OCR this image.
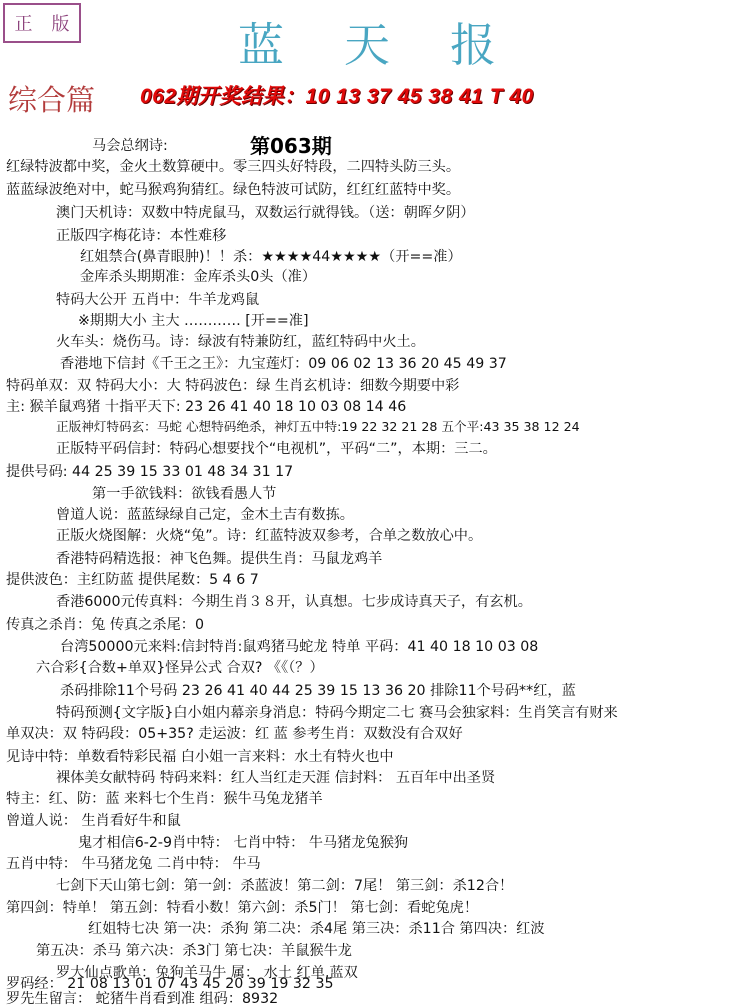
正 版	蓝 天 报
综合篇 062期开奖结果：10 13 37 45 38 41 T 40
第063期
马会总纲诗:
红绿特波都中奖，金火土数算硬中。零三四头好特段，二四特头防三头。
蓝蓝绿波绝对中，蛇马猴鸡狗猜红。绿色特波可试防，红红红蓝特中奖。
澳门天机诗：双数中特虎鼠马，双数运行就得钱。（送：朝晖夕阴）
正版四字梅花诗：本性难移
红姐禁合(鼻青眼肿)！！杀：★★★★44★★★★（开==准）
金库杀头期期准：金库杀头0头（准）
特码大公开 五肖中：牛羊龙鸡鼠
※期期大小 主大 ………… [开==准]
火车头：烧伤马。诗：绿波有特兼防红，蓝红特码中火土。
香港地下信封《千王之王》：九宝莲灯：09 06 02 13 36 20 45 49 37
特码单双：双 特码大小：大 特码波色：绿 生肖玄机诗：细数今期要中彩
主: 猴羊鼠鸡猪 十指平天下: 23 26 41 40 18 10 03 08 14 46
正版神灯特码玄：马蛇 心想特码绝杀，神灯五中特:19 22 32 21 28 五个平:43 35 38 12 24
正版特平码信封：特码心想要找个“电视机”，平码“二”，本期：三二。
提供号码: 44 25 39 15 33 01 48 34 31 17
第一手欲钱料：欲钱看愚人节
曾道人说：蓝蓝绿绿自己定，金木土吉有数拣。
正版火烧图解：火烧“兔”。诗：红蓝特波双参考，合单之数放心中。
香港特码精选报：神飞色舞。提供生肖：马鼠龙鸡羊
提供波色：主红防蓝 提供尾数：5 4 6 7
香港6000元传真料：今期生肖３８开，认真想。七步成诗真天子，有玄机。
传真之杀肖：兔 传真之杀尾：0
台湾50000元来料:信封特肖:鼠鸡猪马蛇龙 特单 平码：41 40 18 10 03 08
六合彩{合数+单双}怪异公式 合双? 《《（？）
杀码排除11个号码 23 26 41 40 44 25 39 15 13 36 20 排除11个号码**红，蓝
特码预测{文字版}白小姐内幕亲身消息：特码今期定二七 赛马会独家料：生肖笑言有财来
单双决：双 特码段：05+35? 走运波：红 蓝 参考生肖：双数没有合双好
见诗中特：单数看特彩民福 白小姐一言来料：水土有特火也中
裸体美女献特码 特码来料：红人当红走天涯 信封料： 五百年中出圣贤
特主：红、防：蓝 来料七个生肖：猴牛马兔龙猪羊
曾道人说： 生肖看好牛和鼠
鬼才相信6-2-9肖中特： 七肖中特： 牛马猪龙兔猴狗
五肖中特： 牛马猪龙兔 二肖中特： 牛马
七剑下天山第七剑：第一剑：杀蓝波！第二剑：7尾！ 第三剑：杀12合！
第四剑：特单！ 第五剑：特看小数！第六剑：杀5门！ 第七剑：看蛇兔虎！
红姐特七决 第一决：杀狗 第二决：杀4尾 第三决：杀11合 第四决：红波
第五决：杀马 第六决：杀3门 第七决：羊鼠猴牛龙
罗大仙点歌单：兔狗羊马牛 属： 水土 红单,蓝双
罗码经： 21 08 13 01 07 43 45 20 39 19 32 35
罗先生留言： 蛇猪牛肖看到准 组码：8932
